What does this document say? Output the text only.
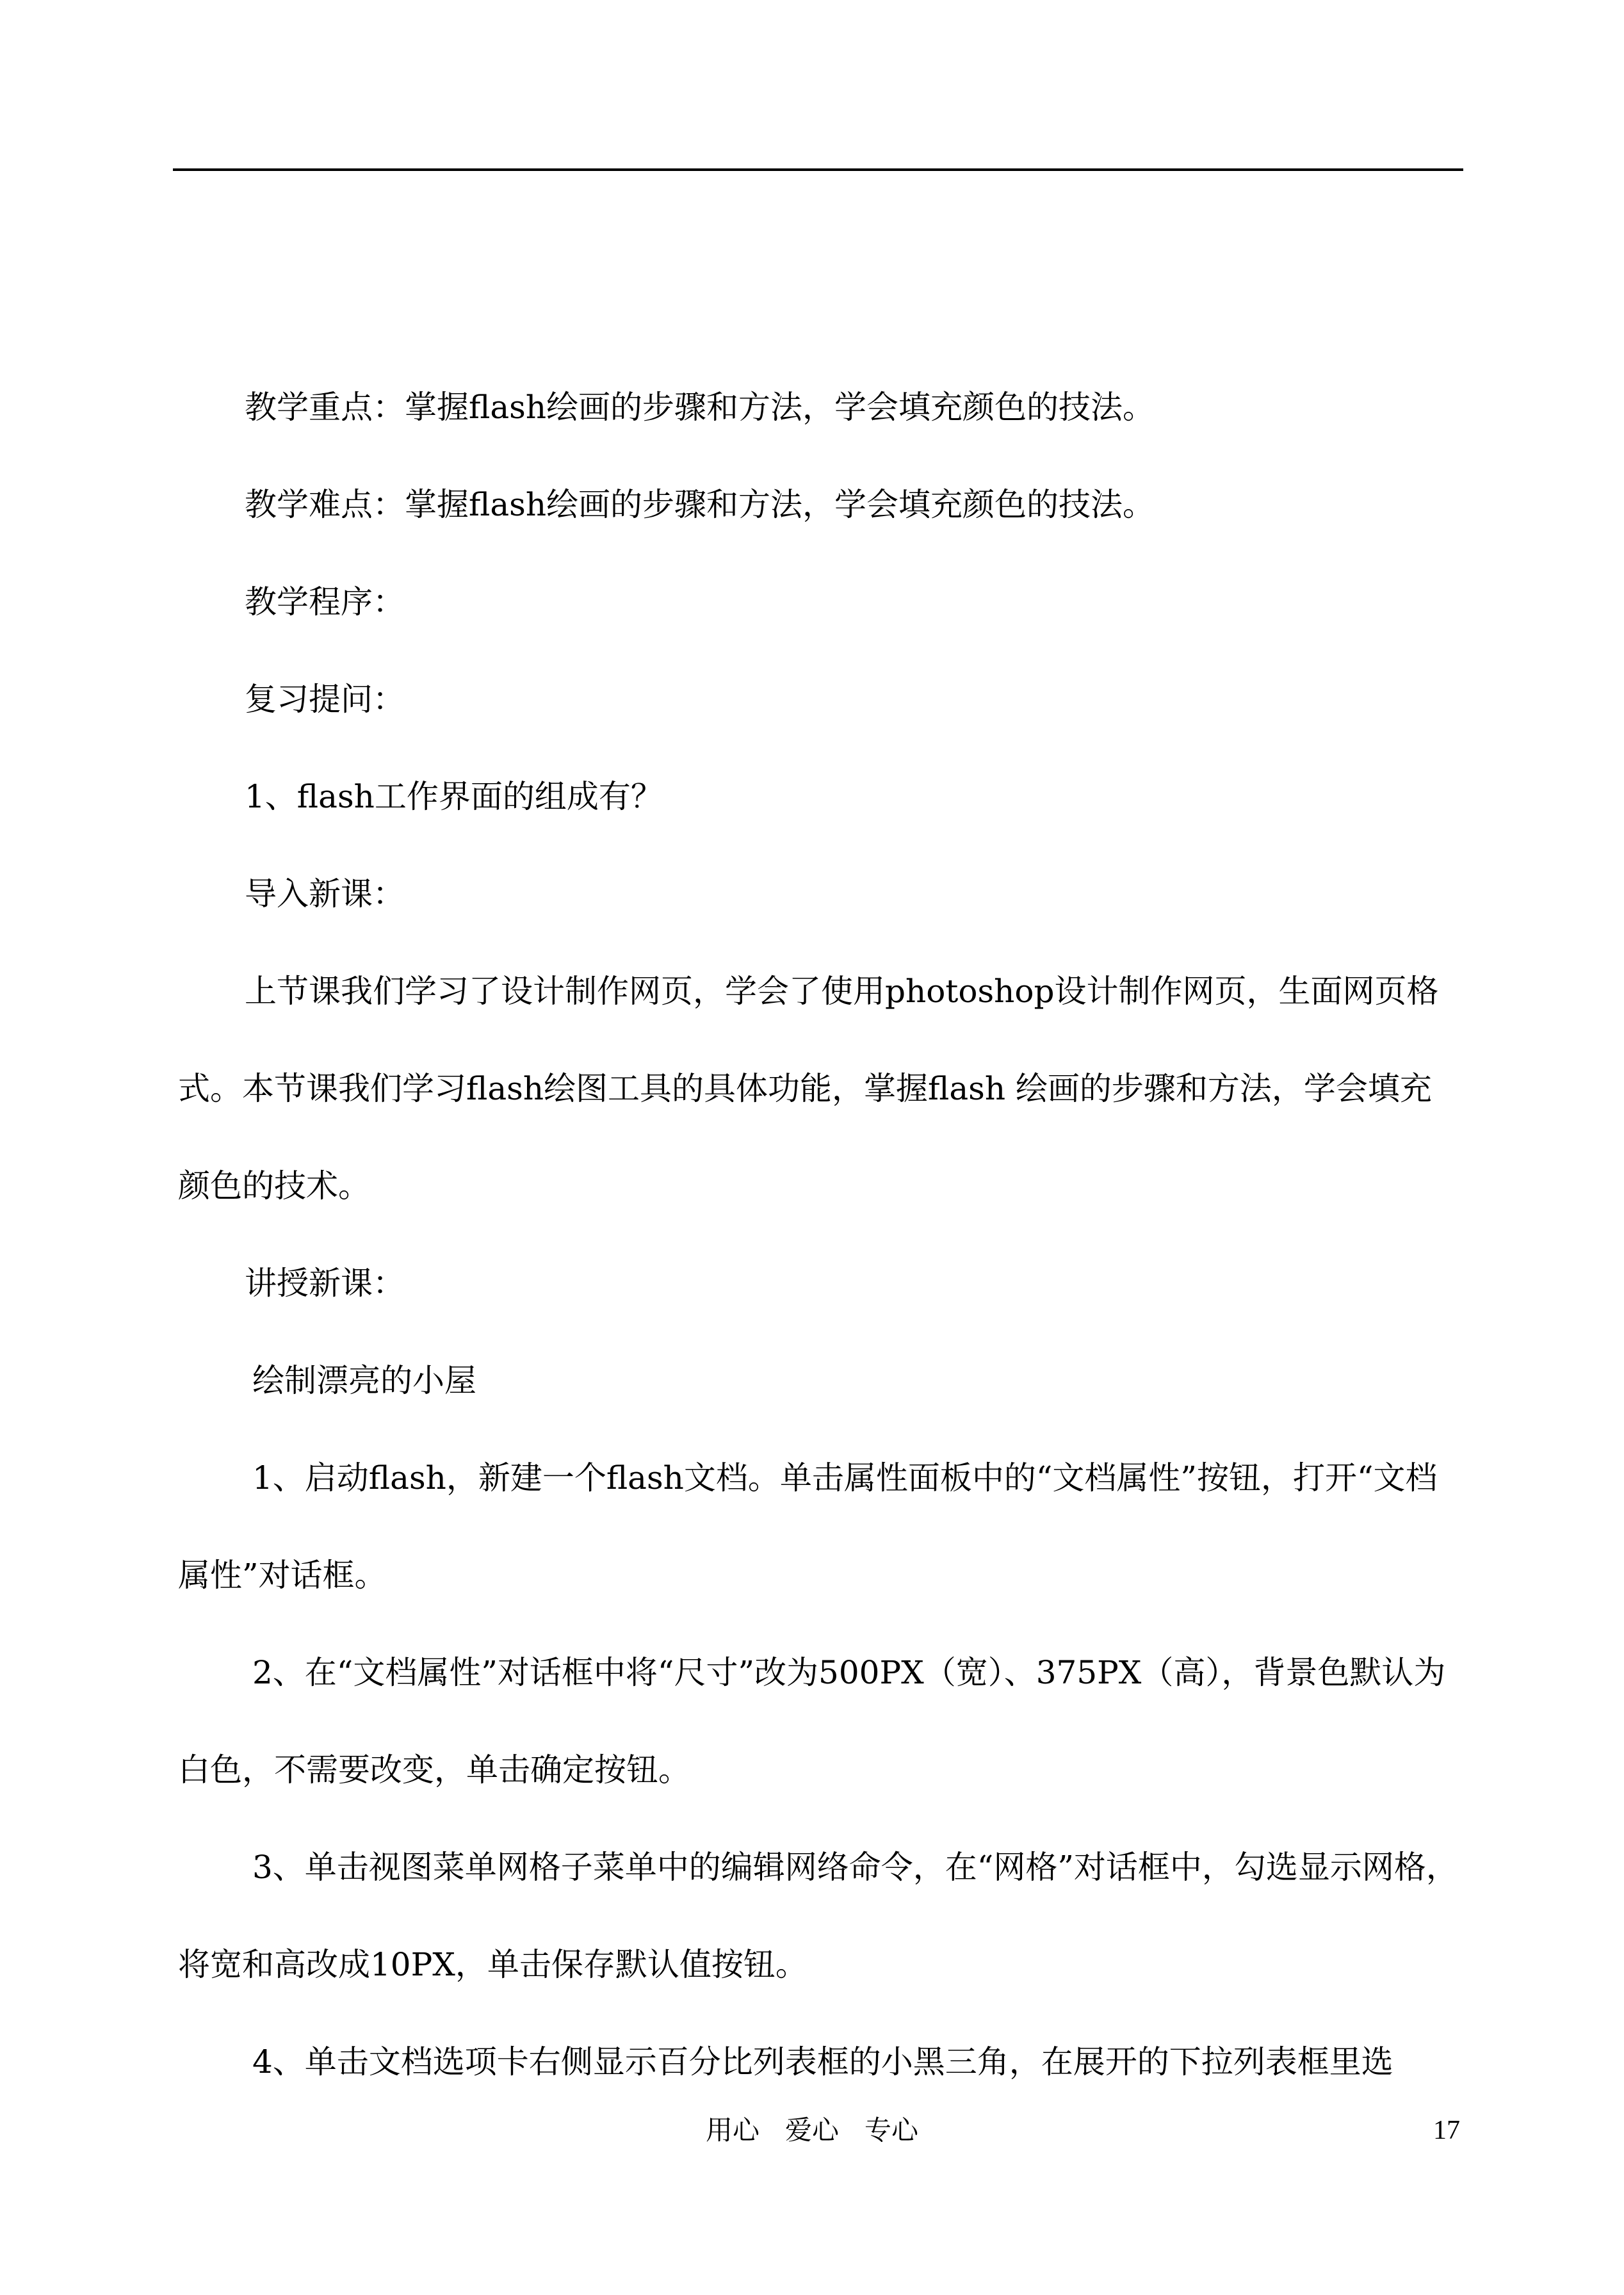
教学重点：掌握flash绘画的步骤和方法，学会填充颜色的技法。

教学难点：掌握flash绘画的步骤和方法，学会填充颜色的技法。

教学程序：

复习提问：

1、flash工作界面的组成有？

导入新课：

上节课我们学习了设计制作网页，学会了使用photoshop设计制作网页，生面网页格式。本节课我们学习flash绘图工具的具体功能，掌握flash 绘画的步骤和方法，学会填充颜色的技术。

讲授新课：

绘制漂亮的小屋

1、启动flash，新建一个flash文档。单击属性面板中的“文档属性”按钮，打开“文档属性”对话框。

2、在“文档属性”对话框中将“尺寸”改为500PX（宽）、375PX（高），背景色默认为白色，不需要改变，单击确定按钮。

3、单击视图菜单网格子菜单中的编辑网络命令，在“网格”对话框中，勾选显示网格，将宽和高改成10PX，单击保存默认值按钮。

4、单击文档选项卡右侧显示百分比列表框的小黑三角，在展开的下拉列表框里选

用心   爱心   专心	17
